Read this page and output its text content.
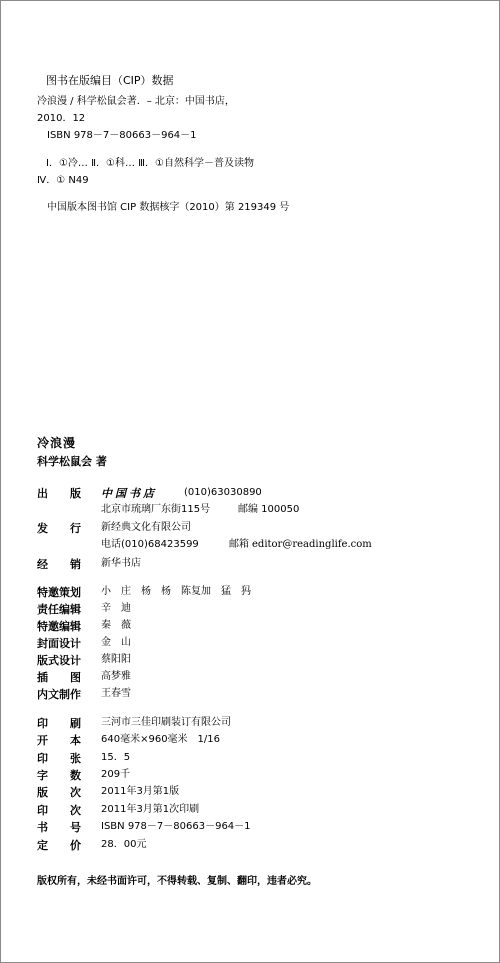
图书在版编目（CIP）数据
冷浪漫 / 科学松鼠会著．– 北京：中国书店，
2010．12
ISBN 978－7－80663－964－1
Ⅰ．①冷… Ⅱ．①科… Ⅲ．①自然科学－普及读物
Ⅳ．① N49
中国版本图书馆 CIP 数据核字（2010）第 219349 号
冷浪漫
科学松鼠会 著
出　　版 中国书店	(010)63030890
北京市琉璃厂东街115号	邮编 100050
发　　行 新经典文化有限公司
电话(010)68423599	邮箱 editor@readinglife.com
经　　销 新华书店
特邀策划 小　庄　杨　杨　陈复加　猛　犸
责任编辑 辛　迪
特邀编辑 秦　薇
封面设计 金　山
版式设计 蔡阳阳
插　　图 高梦雅
内文制作 王春雪
印　　刷 三河市三佳印刷装订有限公司
开　　本 640毫米×960毫米　1/16
印　　张 15．5
字　　数 209千
版　　次 2011年3月第1版
印　　次 2011年3月第1次印刷
书　　号 ISBN 978－7－80663－964－1
定　　价 28．00元
版权所有，未经书面许可，不得转载、复制、翻印，违者必究。
